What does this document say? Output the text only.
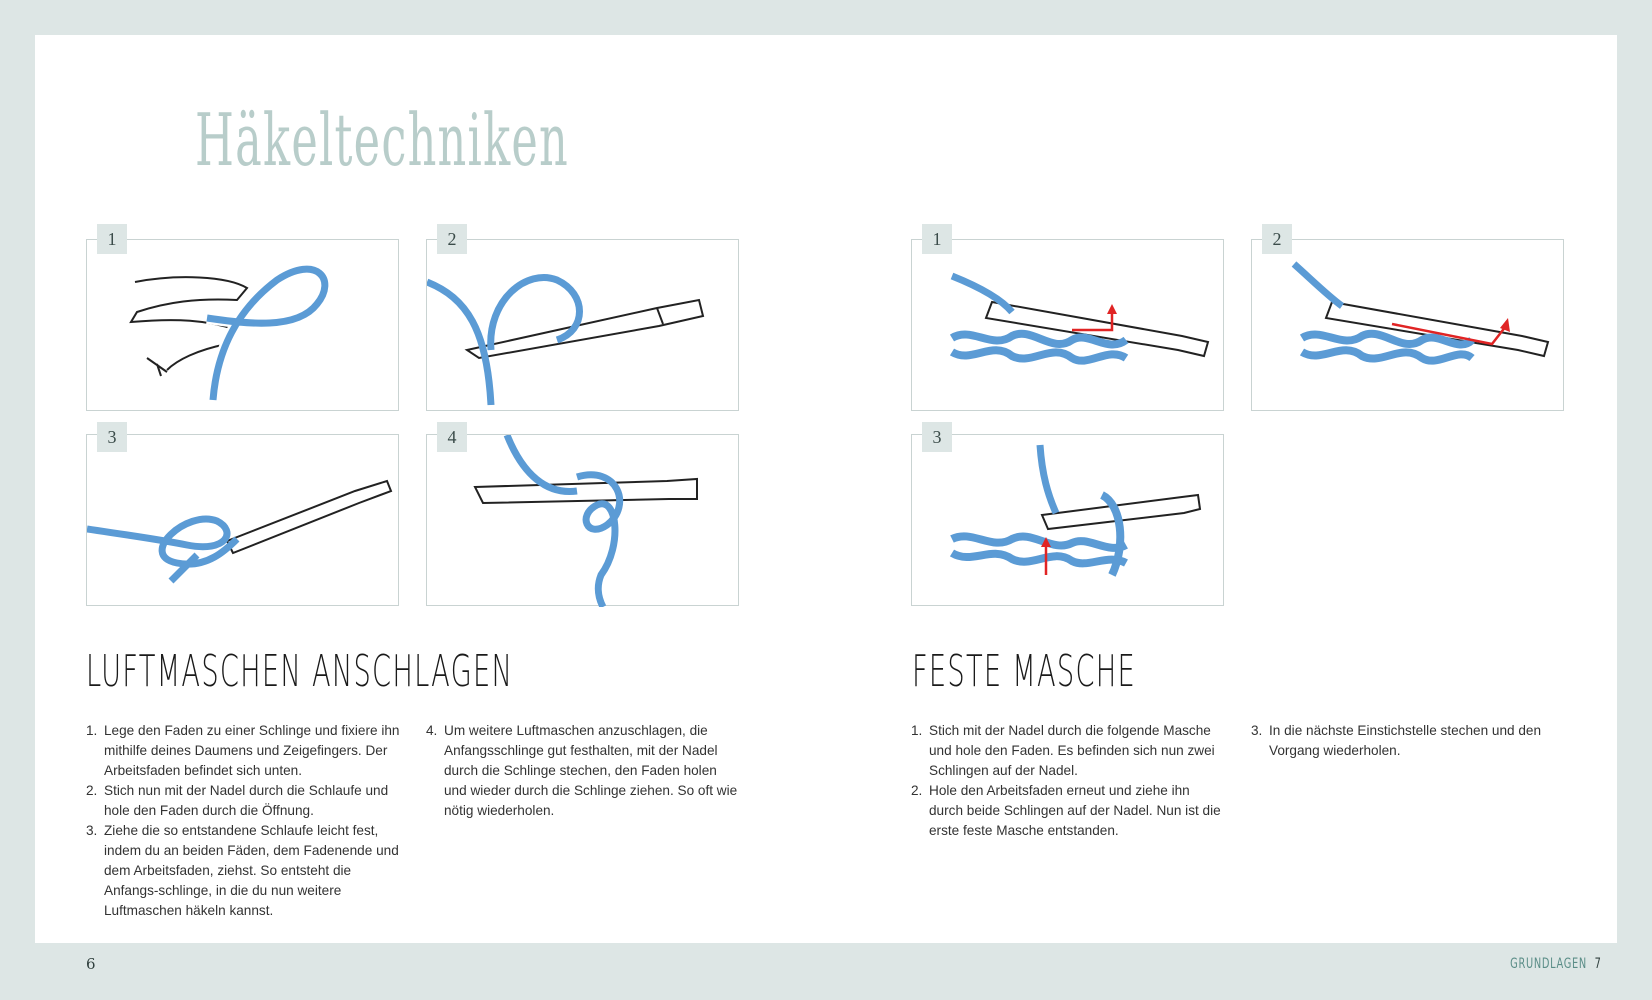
Häkeltechniken
1	2
3	4
1	2
3
LUFTMASCHEN ANSCHLAGEN	FESTE MASCHE
1. Lege den Faden zu einer Schlinge und fixiere ihn mithilfe deines Daumens und Zeigefingers. Der Arbeitsfaden befindet sich unten.
2. Stich nun mit der Nadel durch die Schlaufe und hole den Faden durch die Öffnung.
3. Ziehe die so entstandene Schlaufe leicht fest, indem du an beiden Fäden, dem Fadenende und dem Arbeitsfaden, ziehst. So entsteht die Anfangs-schlinge, in die du nun weitere Luftmaschen häkeln kannst.
4. Um weitere Luftmaschen anzuschlagen, die Anfangsschlinge gut festhalten, mit der Nadel durch die Schlinge stechen, den Faden holen und wieder durch die Schlinge ziehen. So oft wie nötig wiederholen.
1. Stich mit der Nadel durch die folgende Masche und hole den Faden. Es befinden sich nun zwei Schlingen auf der Nadel.
2. Hole den Arbeitsfaden erneut und ziehe ihn durch beide Schlingen auf der Nadel. Nun ist die erste feste Masche entstanden.
3. In die nächste Einstichstelle stechen und den Vorgang wiederholen.
6	GRUNDLAGEN 7
